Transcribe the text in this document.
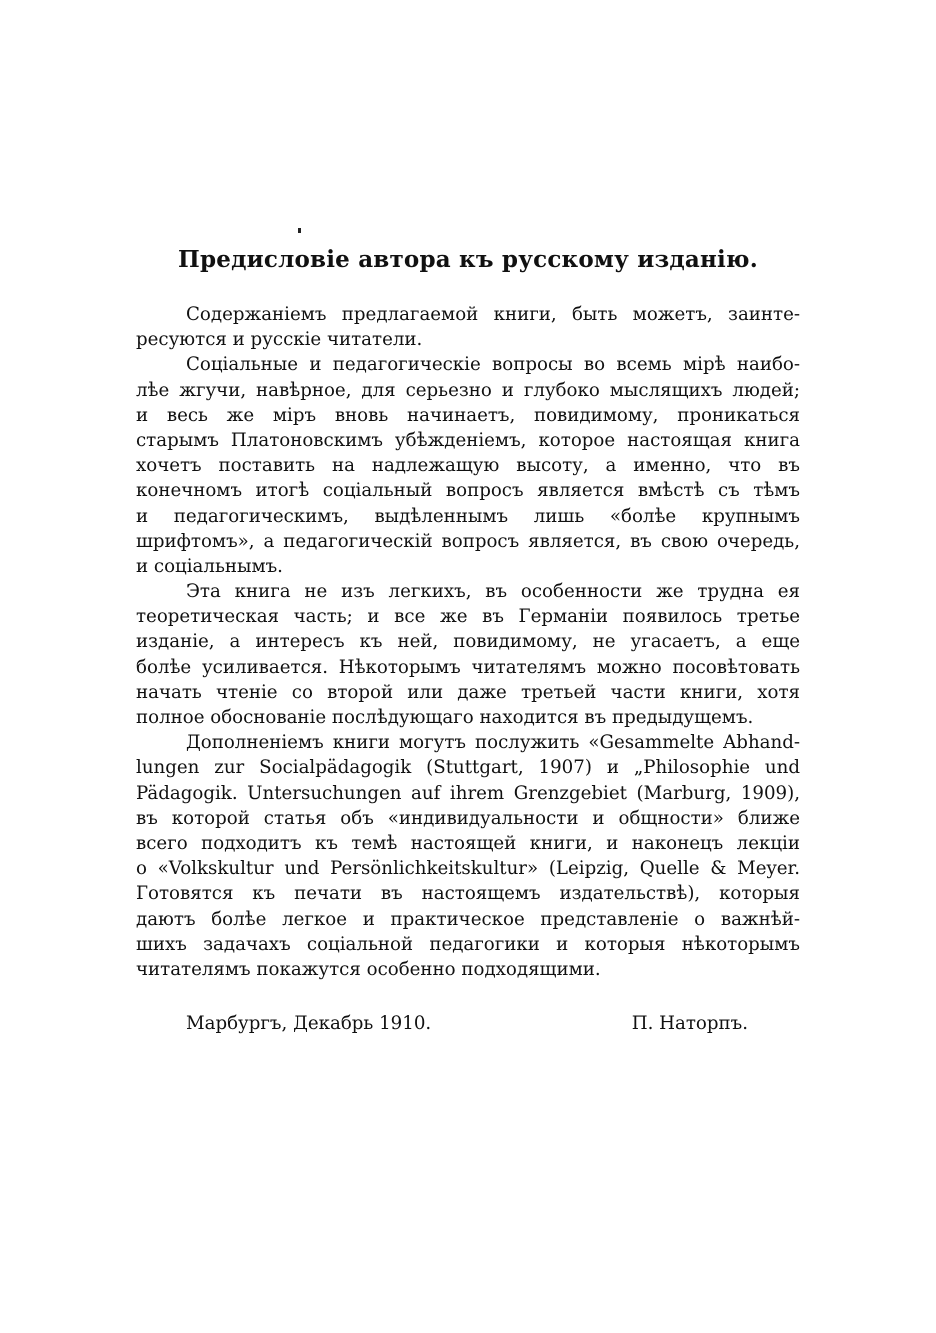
Предисловіе автора къ русскому изданію.
Содержаніемъ предлагаемой книги, быть можетъ, заинте-
ресуются и русскіе читатели.
Соціальные и педагогическіе вопросы во всемь мірѣ наибо-
лѣе жгучи, навѣрное, для серьезно и глубоко мыслящихъ людей;
и весь же міръ вновь начинаетъ, повидимому, проникаться
старымъ Платоновскимъ убѣжденіемъ, которое настоящая книга
хочетъ поставить на надлежащую высоту, а именно, что въ
конечномъ итогѣ соціальный вопросъ является вмѣстѣ съ тѣмъ
и педагогическимъ, выдѣленнымъ лишь «болѣе крупнымъ
шрифтомъ», а педагогическій вопросъ является, въ свою очередь,
и соціальнымъ.
Эта книга не изъ легкихъ, въ особенности же трудна ея
теоретическая часть; и все же въ Германіи появилось третье
изданіе, а интересъ къ ней, повидимому, не угасаетъ, а еще
болѣе усиливается. Нѣкоторымъ читателямъ можно посовѣтовать
начать чтеніе со второй или даже третьей части книги, хотя
полное обоснованіе послѣдующаго находится въ предыдущемъ.
Дополненіемъ книги могутъ послужить «Gesammelte Abhand-
lungen zur Socialpädagogik (Stuttgart, 1907) и „Philosophie und
Pädagogik. Untersuchungen auf ihrem Grenzgebiet (Marburg, 1909),
въ которой статья объ «индивидуальности и общности» ближе
всего подходитъ къ темѣ настоящей книги, и наконецъ лекціи
о «Volkskultur und Persönlichkeitskultur» (Leipzig, Quelle & Meyer.
Готовятся къ печати въ настоящемъ издательствѣ), которыя
даютъ болѣе легкое и практическое представленіе о важнѣй-
шихъ задачахъ соціальной педагогики и которыя нѣкоторымъ
читателямъ покажутся особенно подходящими.
Марбургъ, Декабрь 1910.	П. Наторпъ.
